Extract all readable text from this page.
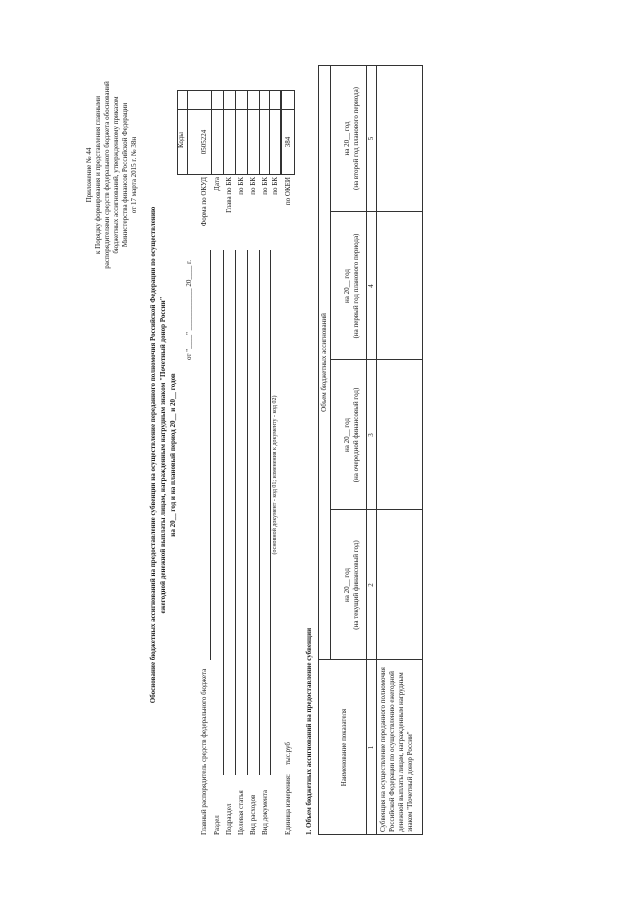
Приложение № 44 к Порядку формирования и представления главными распорядителями средств федерального бюджета обоснований бюджетных ассигнований, утвержденному приказом Министерства финансов Российской Федерации от 17 марта 2015 г. № 38н
Обоснование бюджетных ассигнований на предоставление субвенции на осуществление переданного полномочия Российской Федерации по осуществлению ежегодной денежной выплаты лицам, награжденным нагрудным знаком "Почетный донор России" на 20__ год и на плановый период 20__ и 20__ годов
от "____" ____________ 20____ г.
Коды
Форма по ОКУД
0505224
Дата Глава по БК по БК по БК по БК по БК по ОКЕИ
384
Главный распорядитель средств федерального бюджета Раздел Подраздел Целевая статья Вид расходов Вид документа
(основной документ - код 01; изменения к документу - код 02)
Единица измерения:
тыс.руб 1. Объем бюджетных ассигнований на предоставление субвенции	Наименование показателя
Объем бюджетных ассигнований
на 20__ год (на текущий финансовый год)
на 20__ год (на очередной финансовый год)
на 20__ год (на первый год планового периода)
на 20__ год (на второй год планового периода)
1
2
3
4
5
Субвенция на осуществление переданного полномочия Российской Федерации по осуществлению ежегодной денежной выплаты лицам, награжденным нагрудным знаком "Почетный донор России"
